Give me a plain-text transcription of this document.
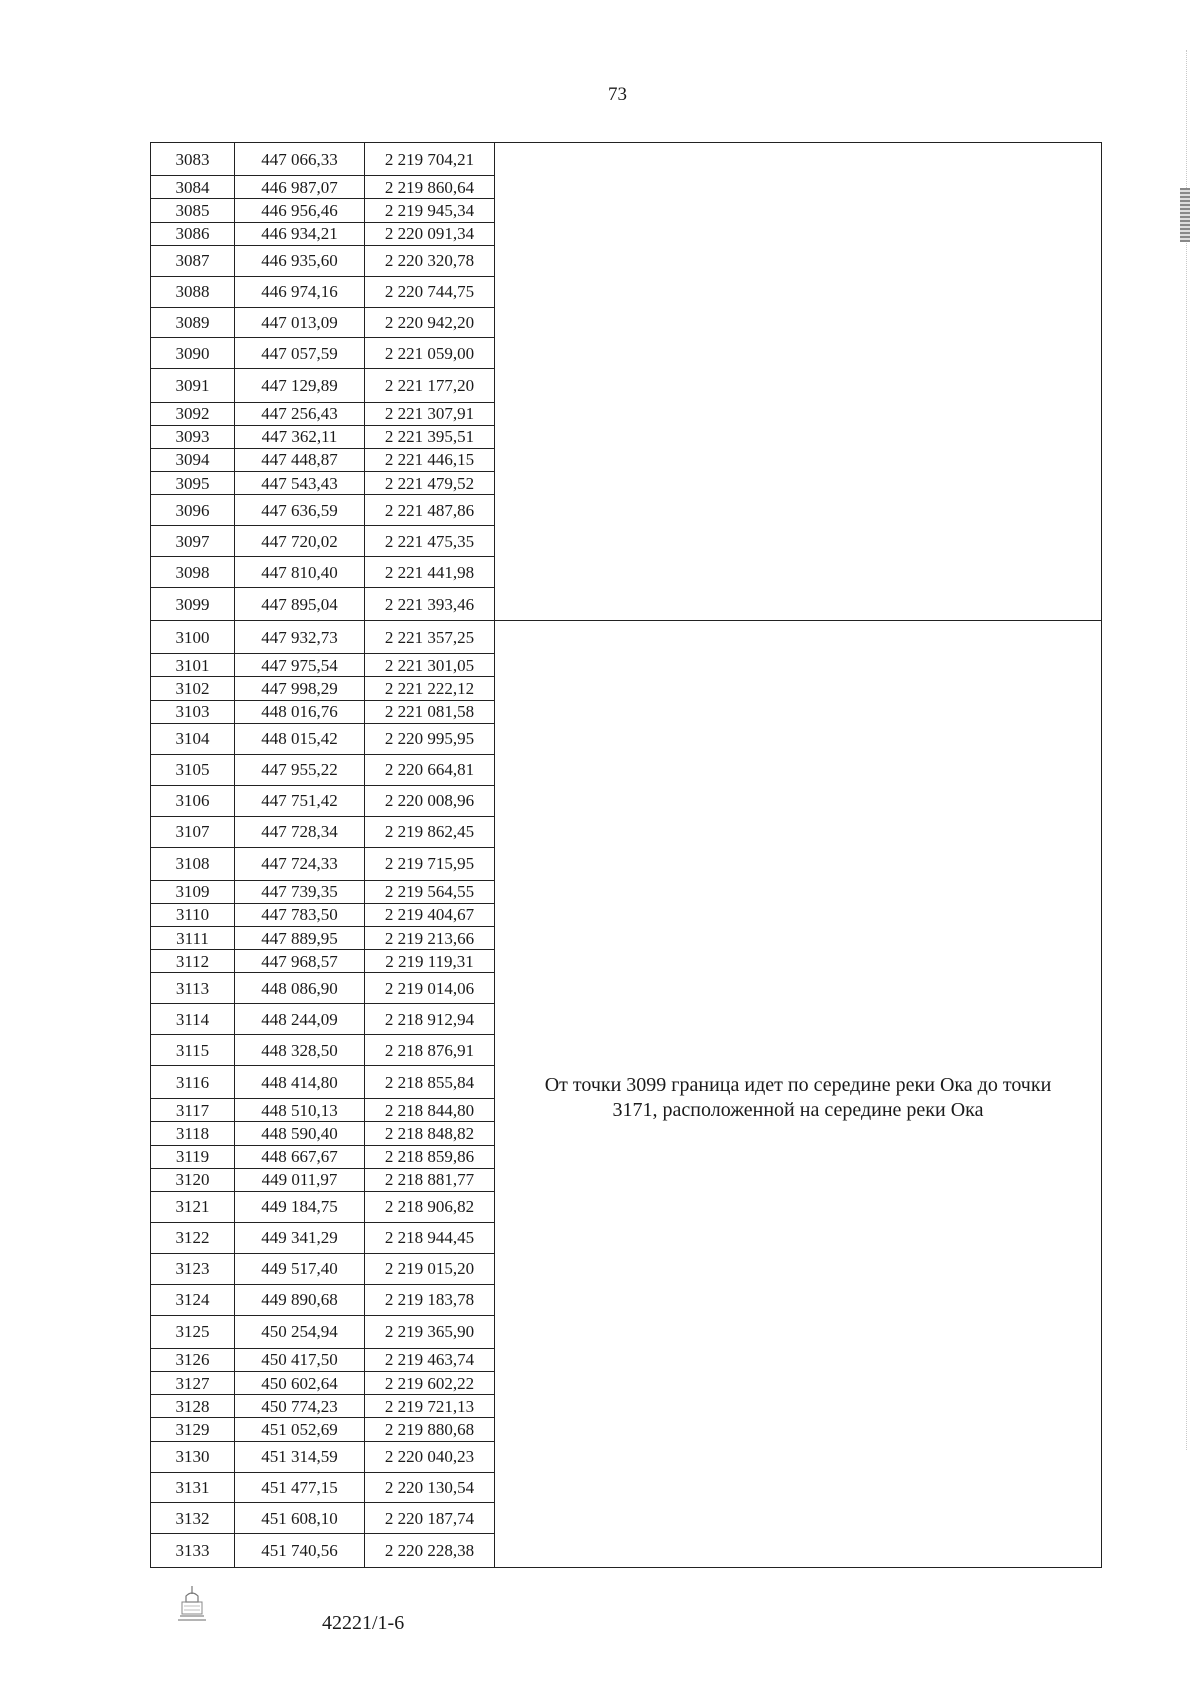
73
3083	447 066,33	2 219 704,21	
3084	446 987,07	2 219 860,64	
3085	446 956,46	2 219 945,34	
3086	446 934,21	2 220 091,34	
3087	446 935,60	2 220 320,78	
3088	446 974,16	2 220 744,75	
3089	447 013,09	2 220 942,20	
3090	447 057,59	2 221 059,00	
3091	447 129,89	2 221 177,20	
3092	447 256,43	2 221 307,91	
3093	447 362,11	2 221 395,51	
3094	447 448,87	2 221 446,15	
3095	447 543,43	2 221 479,52	
3096	447 636,59	2 221 487,86	
3097	447 720,02	2 221 475,35	
3098	447 810,40	2 221 441,98	
3099	447 895,04	2 221 393,46	
3100	447 932,73	2 221 357,25	От точки 3099 граница идет по середине реки Ока до точки 3171, расположенной на середине реки Ока

3101	447 975,54	2 221 301,05	
3102	447 998,29	2 221 222,12	
3103	448 016,76	2 221 081,58	
3104	448 015,42	2 220 995,95	
3105	447 955,22	2 220 664,81	
3106	447 751,42	2 220 008,96	
3107	447 728,34	2 219 862,45	
3108	447 724,33	2 219 715,95	
3109	447 739,35	2 219 564,55	
3110	447 783,50	2 219 404,67	
3111	447 889,95	2 219 213,66	
3112	447 968,57	2 219 119,31	
3113	448 086,90	2 219 014,06	
3114	448 244,09	2 218 912,94	
3115	448 328,50	2 218 876,91	
3116	448 414,80	2 218 855,84	
3117	448 510,13	2 218 844,80	
3118	448 590,40	2 218 848,82	
3119	448 667,67	2 218 859,86	
3120	449 011,97	2 218 881,77	
3121	449 184,75	2 218 906,82	
3122	449 341,29	2 218 944,45	
3123	449 517,40	2 219 015,20	
3124	449 890,68	2 219 183,78	
3125	450 254,94	2 219 365,90	
3126	450 417,50	2 219 463,74	
3127	450 602,64	2 219 602,22	
3128	450 774,23	2 219 721,13	
3129	451 052,69	2 219 880,68	
3130	451 314,59	2 220 040,23	
3131	451 477,15	2 220 130,54	
3132	451 608,10	2 220 187,74	
3133	451 740,56	2 220 228,38	
42221/1-6
